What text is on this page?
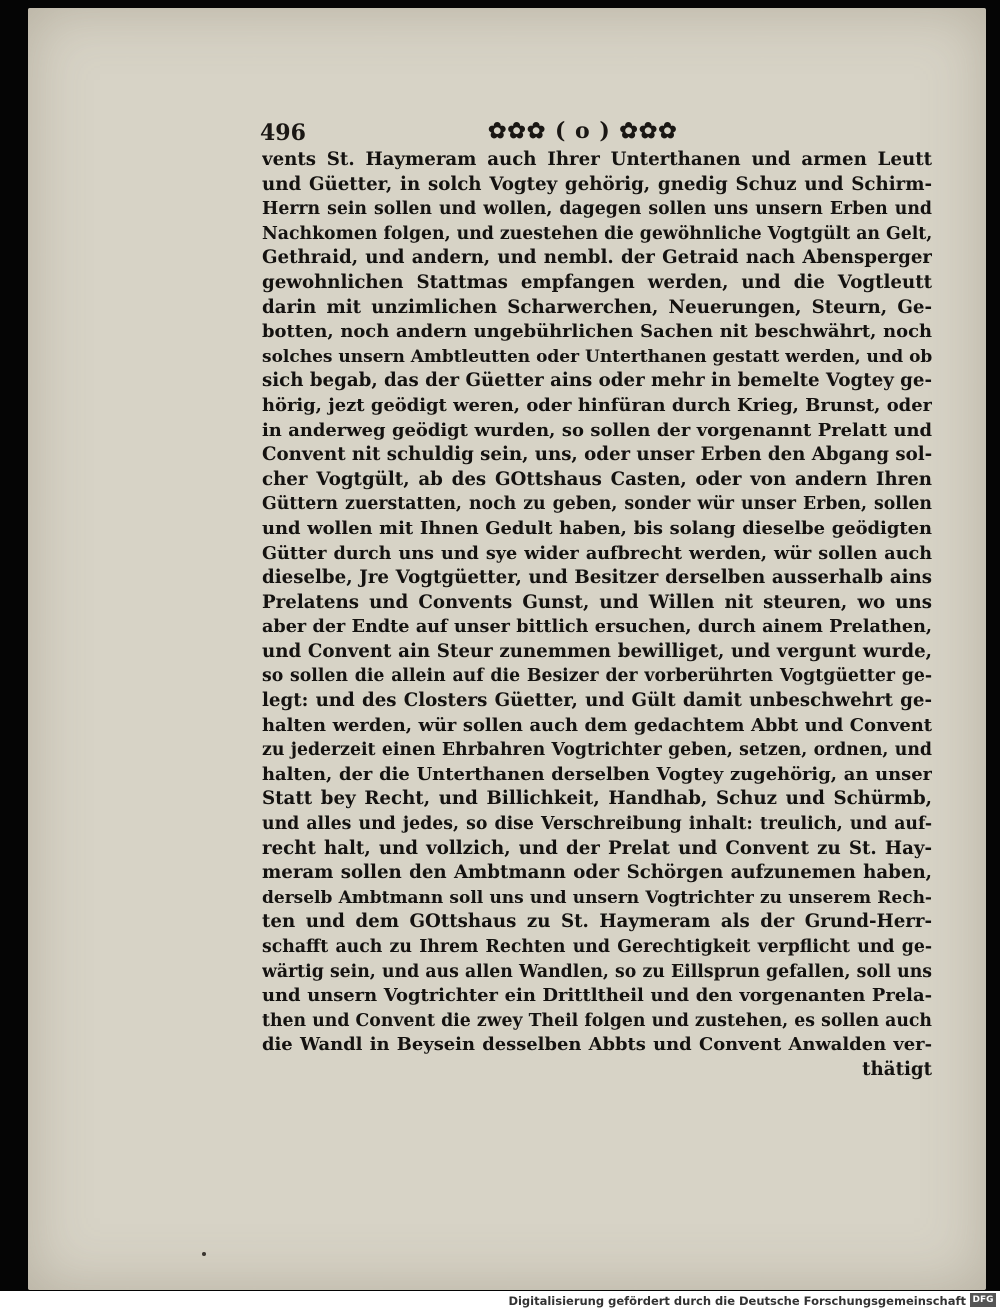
496	✿✿✿ ( o ) ✿✿✿
vents St. Haymeram auch Ihrer Unterthanen und armen Leutt
und Güetter, in solch Vogtey gehörig, gnedig Schuz und Schirm-
Herrn sein sollen und wollen, dagegen sollen uns unsern Erben und
Nachkomen folgen, und zuestehen die gewöhnliche Vogtgült an Gelt,
Gethraid, und andern, und nembl. der Getraid nach Abensperger
gewohnlichen Stattmas empfangen werden, und die Vogtleutt
darin mit unzimlichen Scharwerchen, Neuerungen, Steurn, Ge-
botten, noch andern ungebührlichen Sachen nit beschwährt, noch
solches unsern Ambtleutten oder Unterthanen gestatt werden, und ob
sich begab, das der Güetter ains oder mehr in bemelte Vogtey ge-
hörig, jezt geödigt weren, oder hinfüran durch Krieg, Brunst, oder
in anderweg geödigt wurden, so sollen der vorgenannt Prelatt und
Convent nit schuldig sein, uns, oder unser Erben den Abgang sol-
cher Vogtgült, ab des GOttshaus Casten, oder von andern Ihren
Güttern zuerstatten, noch zu geben, sonder wür unser Erben, sollen
und wollen mit Ihnen Gedult haben, bis solang dieselbe geödigten
Gütter durch uns und sye wider aufbrecht werden, wür sollen auch
dieselbe, Jre Vogtgüetter, und Besitzer derselben ausserhalb ains
Prelatens und Convents Gunst, und Willen nit steuren, wo uns
aber der Endte auf unser bittlich ersuchen, durch ainem Prelathen,
und Convent ain Steur zunemmen bewilliget, und vergunt wurde,
so sollen die allein auf die Besizer der vorberührten Vogtgüetter ge-
legt: und des Closters Güetter, und Gült damit unbeschwehrt ge-
halten werden, wür sollen auch dem gedachtem Abbt und Convent
zu jederzeit einen Ehrbahren Vogtrichter geben, setzen, ordnen, und
halten, der die Unterthanen derselben Vogtey zugehörig, an unser
Statt bey Recht, und Billichkeit, Handhab, Schuz und Schürmb,
und alles und jedes, so dise Verschreibung inhalt: treulich, und auf-
recht halt, und vollzich, und der Prelat und Convent zu St. Hay-
meram sollen den Ambtmann oder Schörgen aufzunemen haben,
derselb Ambtmann soll uns und unsern Vogtrichter zu unserem Rech-
ten und dem GOttshaus zu St. Haymeram als der Grund-Herr-
schafft auch zu Ihrem Rechten und Gerechtigkeit verpflicht und ge-
wärtig sein, und aus allen Wandlen, so zu Eillsprun gefallen, soll uns
und unsern Vogtrichter ein Drittltheil und den vorgenanten Prela-
then und Convent die zwey Theil folgen und zustehen, es sollen auch
die Wandl in Beysein desselben Abbts und Convent Anwalden ver-
thätigt
Digitalisierung gefördert durch die Deutsche Forschungsgemeinschaft DFG
